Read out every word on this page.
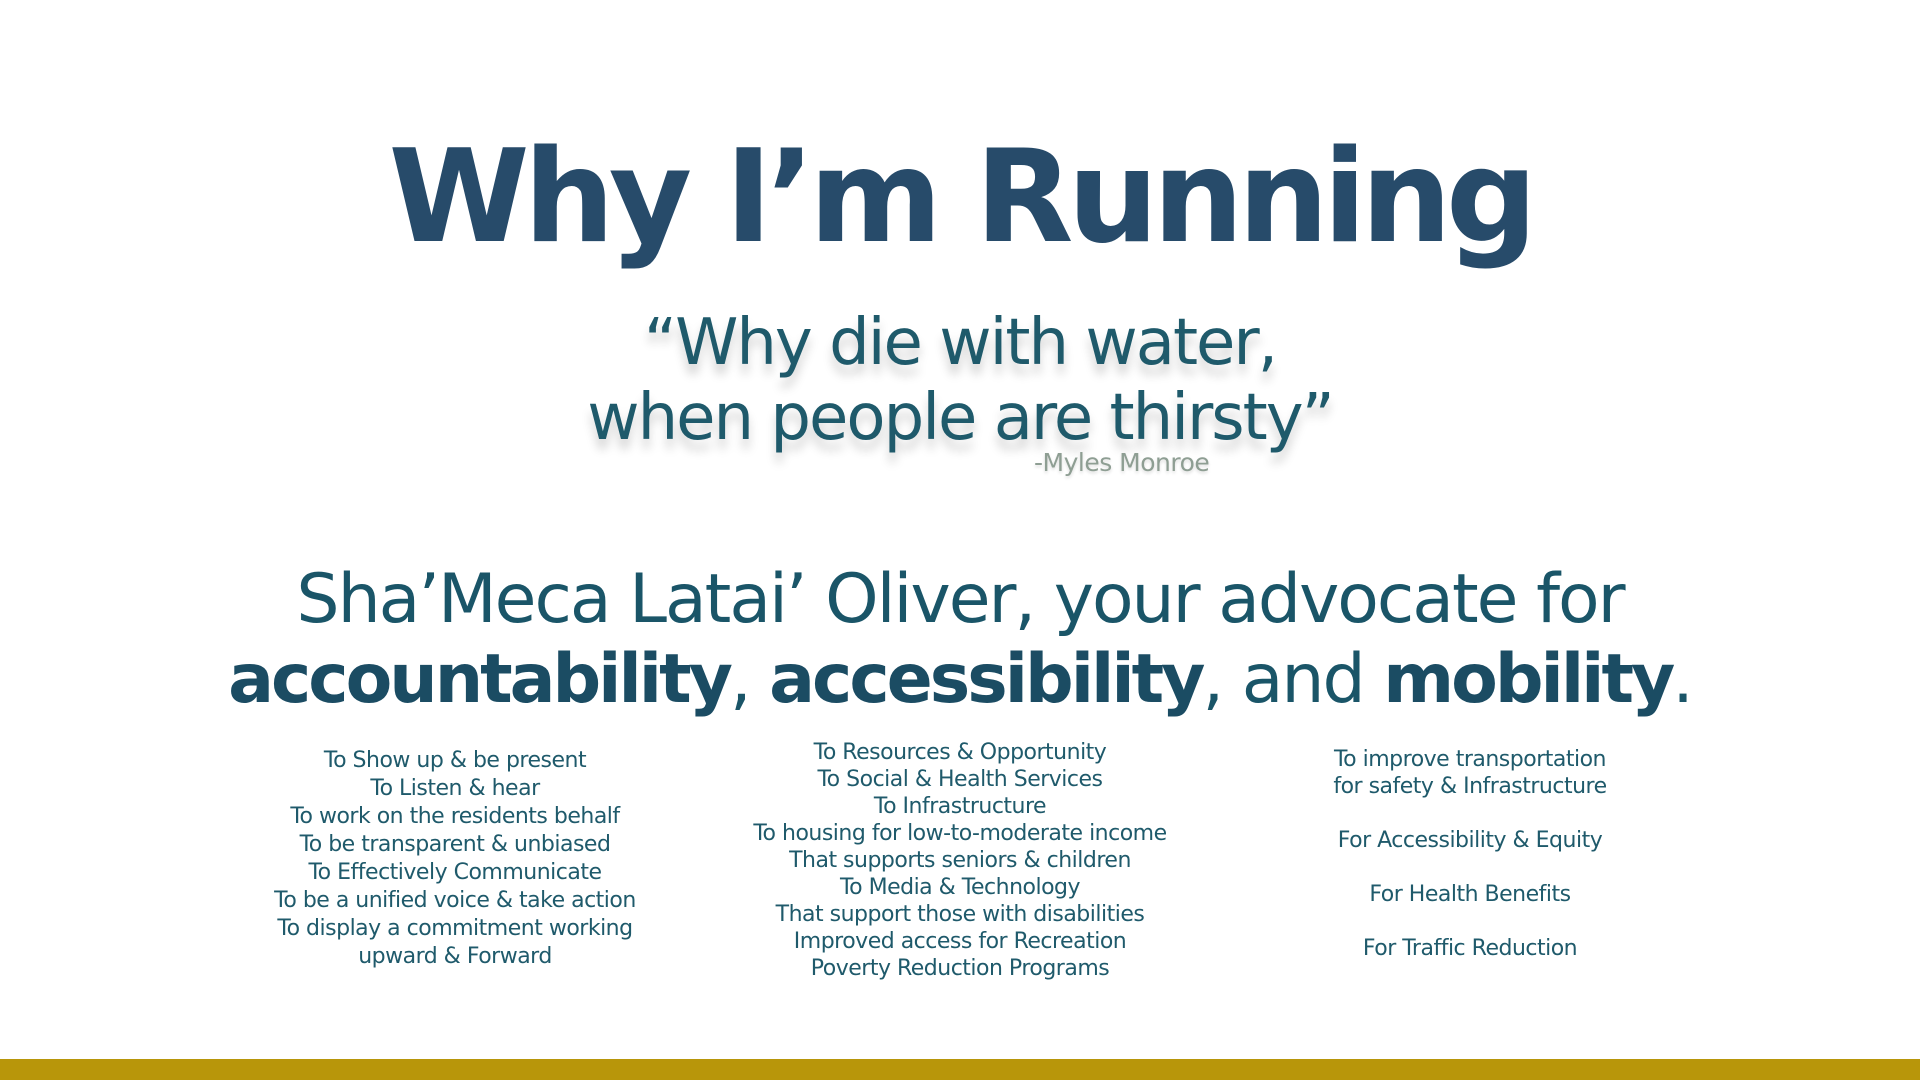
Why I’m Running
“Why die with water,
when people are thirsty”
-Myles Monroe
Sha’Meca Latai’ Oliver, your advocate for
accountability, accessibility, and mobility.
To Show up & be present
To Listen & hear
To work on the residents behalf
To be transparent & unbiased
To Effectively Communicate
To be a unified voice & take action
To display a commitment working
upward & Forward
To Resources & Opportunity
To Social & Health Services
To Infrastructure
To housing for low-to-moderate income
That supports seniors & children
To Media & Technology
That support those with disabilities
Improved access for Recreation
Poverty Reduction Programs
To improve transportation
for safety & Infrastructure
For Accessibility & Equity
For Health Benefits
For Traffic Reduction
